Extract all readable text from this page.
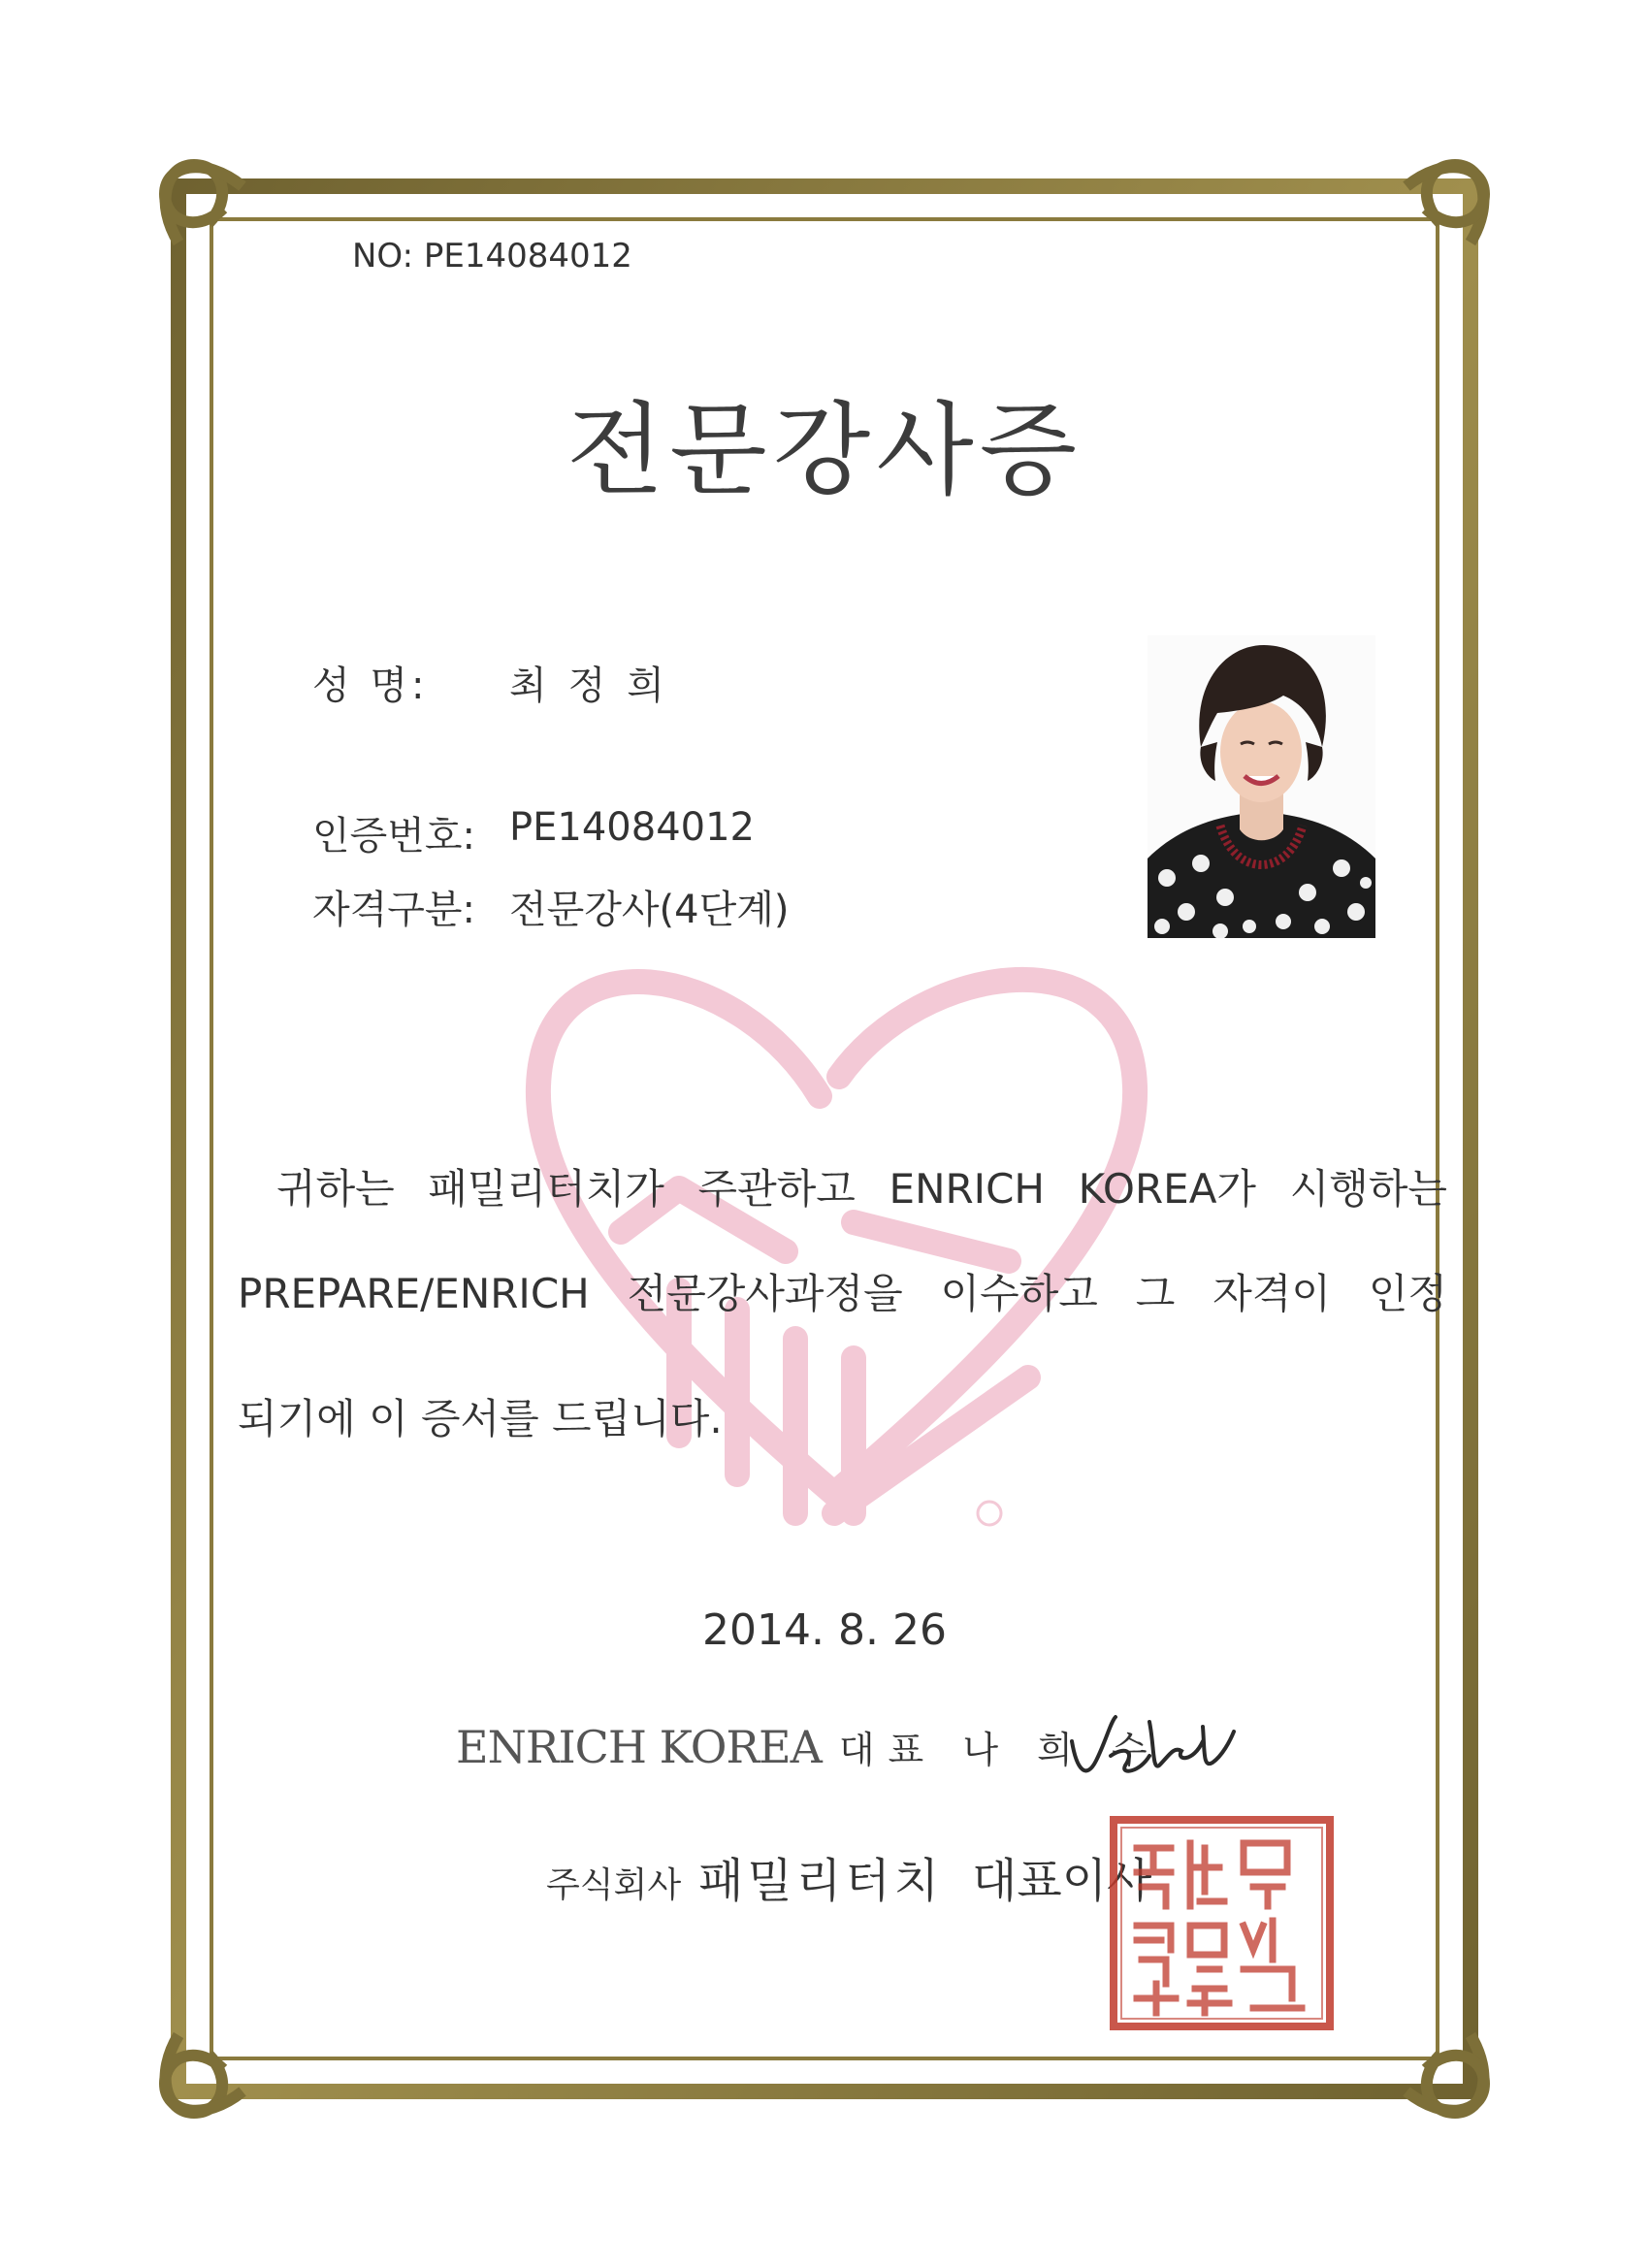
NO: PE14084012
전문강사증
성 명: 최정희
인증번호: PE14084012
자격구분: 전문강사(4단계)
귀하는 패밀리터치가 주관하고 ENRICH KOREA가 시행하는
PREPARE/ENRICH 전문강사과정을 이수하고 그 자격이 인정
되기에 이 증서를 드립니다.
2014. 8. 26
ENRICH KOREA 대표 나 희 수
주식회사 패밀리터치 대표이사
